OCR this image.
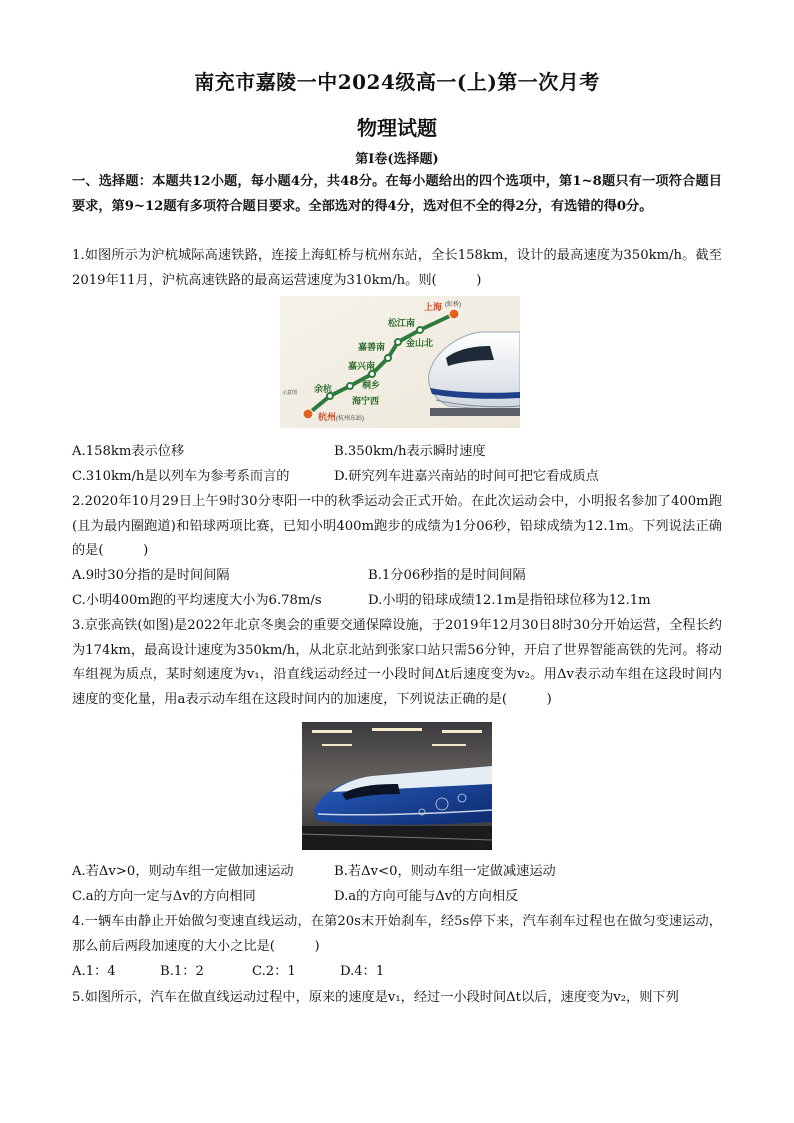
南充市嘉陵一中2024级高一(上)第一次月考
物理试题
第Ⅰ卷(选择题)
一、选择题：本题共12小题，每小题4分，共48分。在每小题给出的四个选项中，第1~8题只有一项符合题目要求，第9~12题有多项符合题目要求。全部选对的得4分，选对但不全的得2分，有选错的得0分。
1.如图所示为沪杭城际高速铁路，连接上海虹桥与杭州东站，全长158km，设计的最高速度为350km/h。截至2019年11月，沪杭高速铁路的最高运营速度为310km/h。则(　　　)
上海 (虹桥)
松江南
金山北
嘉善南
嘉兴南
桐乡
余杭
海宁西
杭州 (杭州东站)
示意图
A.158km表示位移	B.350km/h表示瞬时速度
C.310km/h是以列车为参考系而言的	D.研究列车进嘉兴南站的时间可把它看成质点
2.2020年10月29日上午9时30分枣阳一中的秋季运动会正式开始。在此次运动会中，小明报名参加了400m跑(且为最内圈跑道)和铅球两项比赛，已知小明400m跑步的成绩为1分06秒，铅球成绩为12.1m。下列说法正确的是(　　　)
A.9时30分指的是时间间隔	B.1分06秒指的是时间间隔
C.小明400m跑的平均速度大小为6.78m/s	D.小明的铅球成绩12.1m是指铅球位移为12.1m
3.京张高铁(如图)是2022年北京冬奥会的重要交通保障设施，于2019年12月30日8时30分开始运营，全程长约为174km，最高设计速度为350km/h，从北京北站到张家口站只需56分钟，开启了世界智能高铁的先河。将动车组视为质点，某时刻速度为v₁，沿直线运动经过一小段时间Δt后速度变为v₂。用Δv表示动车组在这段时间内速度的变化量，用a表示动车组在这段时间内的加速度，下列说法正确的是(　　　)
A.若Δv>0，则动车组一定做加速运动	B.若Δv<0，则动车组一定做减速运动
C.a的方向一定与Δv的方向相同	D.a的方向可能与Δv的方向相反
4.一辆车由静止开始做匀变速直线运动，在第20s末开始刹车，经5s停下来，汽车刹车过程也在做匀变速运动，那么前后两段加速度的大小之比是(　　　)
A.1：4	B.1：2	C.2：1	D.4：1
5.如图所示，汽车在做直线运动过程中，原来的速度是v₁，经过一小段时间Δt以后，速度变为v₂，则下列
